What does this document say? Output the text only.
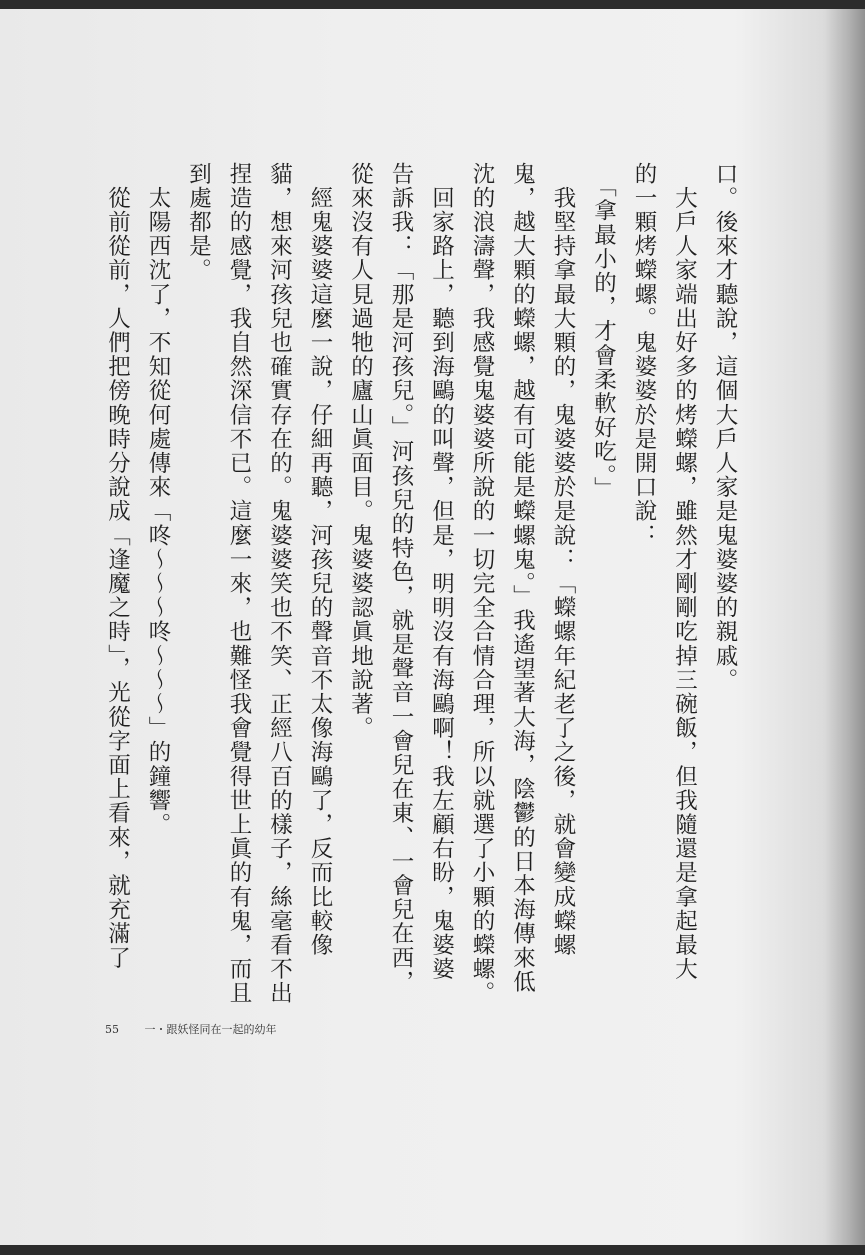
口。後來才聽說，這個大戶人家是鬼婆婆的親戚。

　大戶人家端出好多的烤蠑螺，雖然才剛剛吃掉三碗飯，但我隨還是拿起最大

的一顆烤蠑螺。鬼婆婆於是開口說：

　「拿最小的，才會柔軟好吃。」

　我堅持拿最大顆的，鬼婆婆於是說：「蠑螺年紀老了之後，就會變成蠑螺

鬼，越大顆的蠑螺，越有可能是蠑螺鬼。」我遙望著大海，陰鬱的日本海傳來低

沈的浪濤聲，我感覺鬼婆婆所說的一切完全合情合理，所以就選了小顆的蠑螺。

　回家路上，聽到海鷗的叫聲，但是，明明沒有海鷗啊！我左顧右盼，鬼婆婆

告訴我：「那是河孩兒。」河孩兒的特色，就是聲音一會兒在東、一會兒在西，

從來沒有人見過牠的廬山眞面目。鬼婆婆認眞地說著。

　經鬼婆婆這麼一說，仔細再聽，河孩兒的聲音不太像海鷗了，反而比較像

貓，想來河孩兒也確實存在的。鬼婆婆笑也不笑、正經八百的樣子，絲毫看不出

捏造的感覺，我自然深信不已。這麼一來，也難怪我會覺得世上眞的有鬼，而且

到處都是。

　太陽西沈了，不知從何處傳來「咚～～～咚～～～」的鐘響。

　從前從前，人們把傍晚時分說成「逢魔之時」，光從字面上看來，就充滿了

55 一・跟妖怪同在一起的幼年
